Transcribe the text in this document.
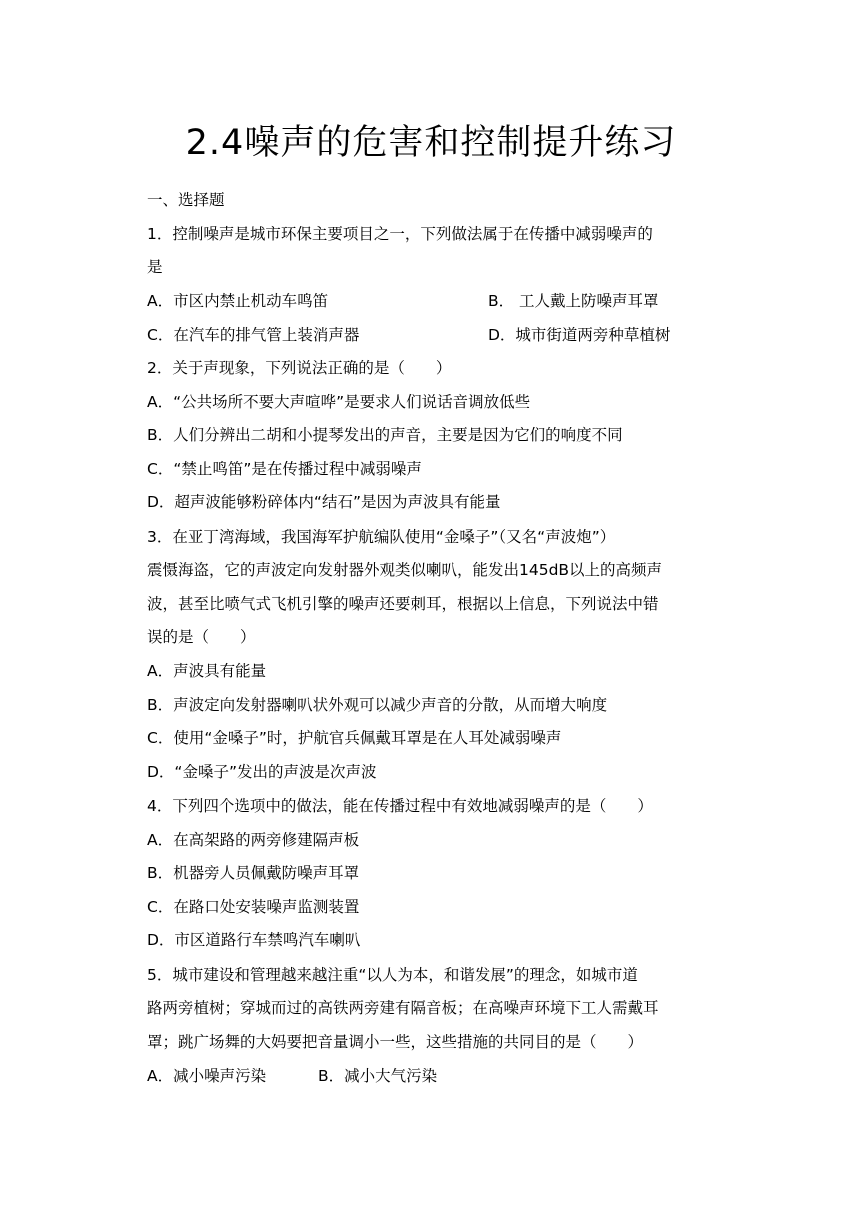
2.4噪声的危害和控制提升练习
一、选择题
1．控制噪声是城市环保主要项目之一，下列做法属于在传播中减弱噪声的
是
A．市区内禁止机动车鸣笛	B． 工人戴上防噪声耳罩
C．在汽车的排气管上装消声器	D．城市街道两旁种草植树
2．关于声现象，下列说法正确的是（　　）
A．“公共场所不要大声喧哗”是要求人们说话音调放低些
B．人们分辨出二胡和小提琴发出的声音，主要是因为它们的响度不同
C．“禁止鸣笛”是在传播过程中减弱噪声
D．超声波能够粉碎体内“结石”是因为声波具有能量
3．在亚丁湾海域，我国海军护航编队使用“金嗓子”（又名“声波炮”）
震慑海盗，它的声波定向发射器外观类似喇叭，能发出145dB以上的高频声
波，甚至比喷气式飞机引擎的噪声还要刺耳，根据以上信息，下列说法中错
误的是（　　）
A．声波具有能量
B．声波定向发射器喇叭状外观可以减少声音的分散，从而增大响度
C．使用“金嗓子”时，护航官兵佩戴耳罩是在人耳处减弱噪声
D．“金嗓子”发出的声波是次声波
4．下列四个选项中的做法，能在传播过程中有效地减弱噪声的是（　　）
A．在高架路的两旁修建隔声板
B．机器旁人员佩戴防噪声耳罩
C．在路口处安装噪声监测装置
D．市区道路行车禁鸣汽车喇叭
5．城市建设和管理越来越注重“以人为本，和谐发展”的理念，如城市道
路两旁植树；穿城而过的高铁两旁建有隔音板；在高噪声环境下工人需戴耳
罩；跳广场舞的大妈要把音量调小一些，这些措施的共同目的是（　　）
A．减小噪声污染	B．减小大气污染
